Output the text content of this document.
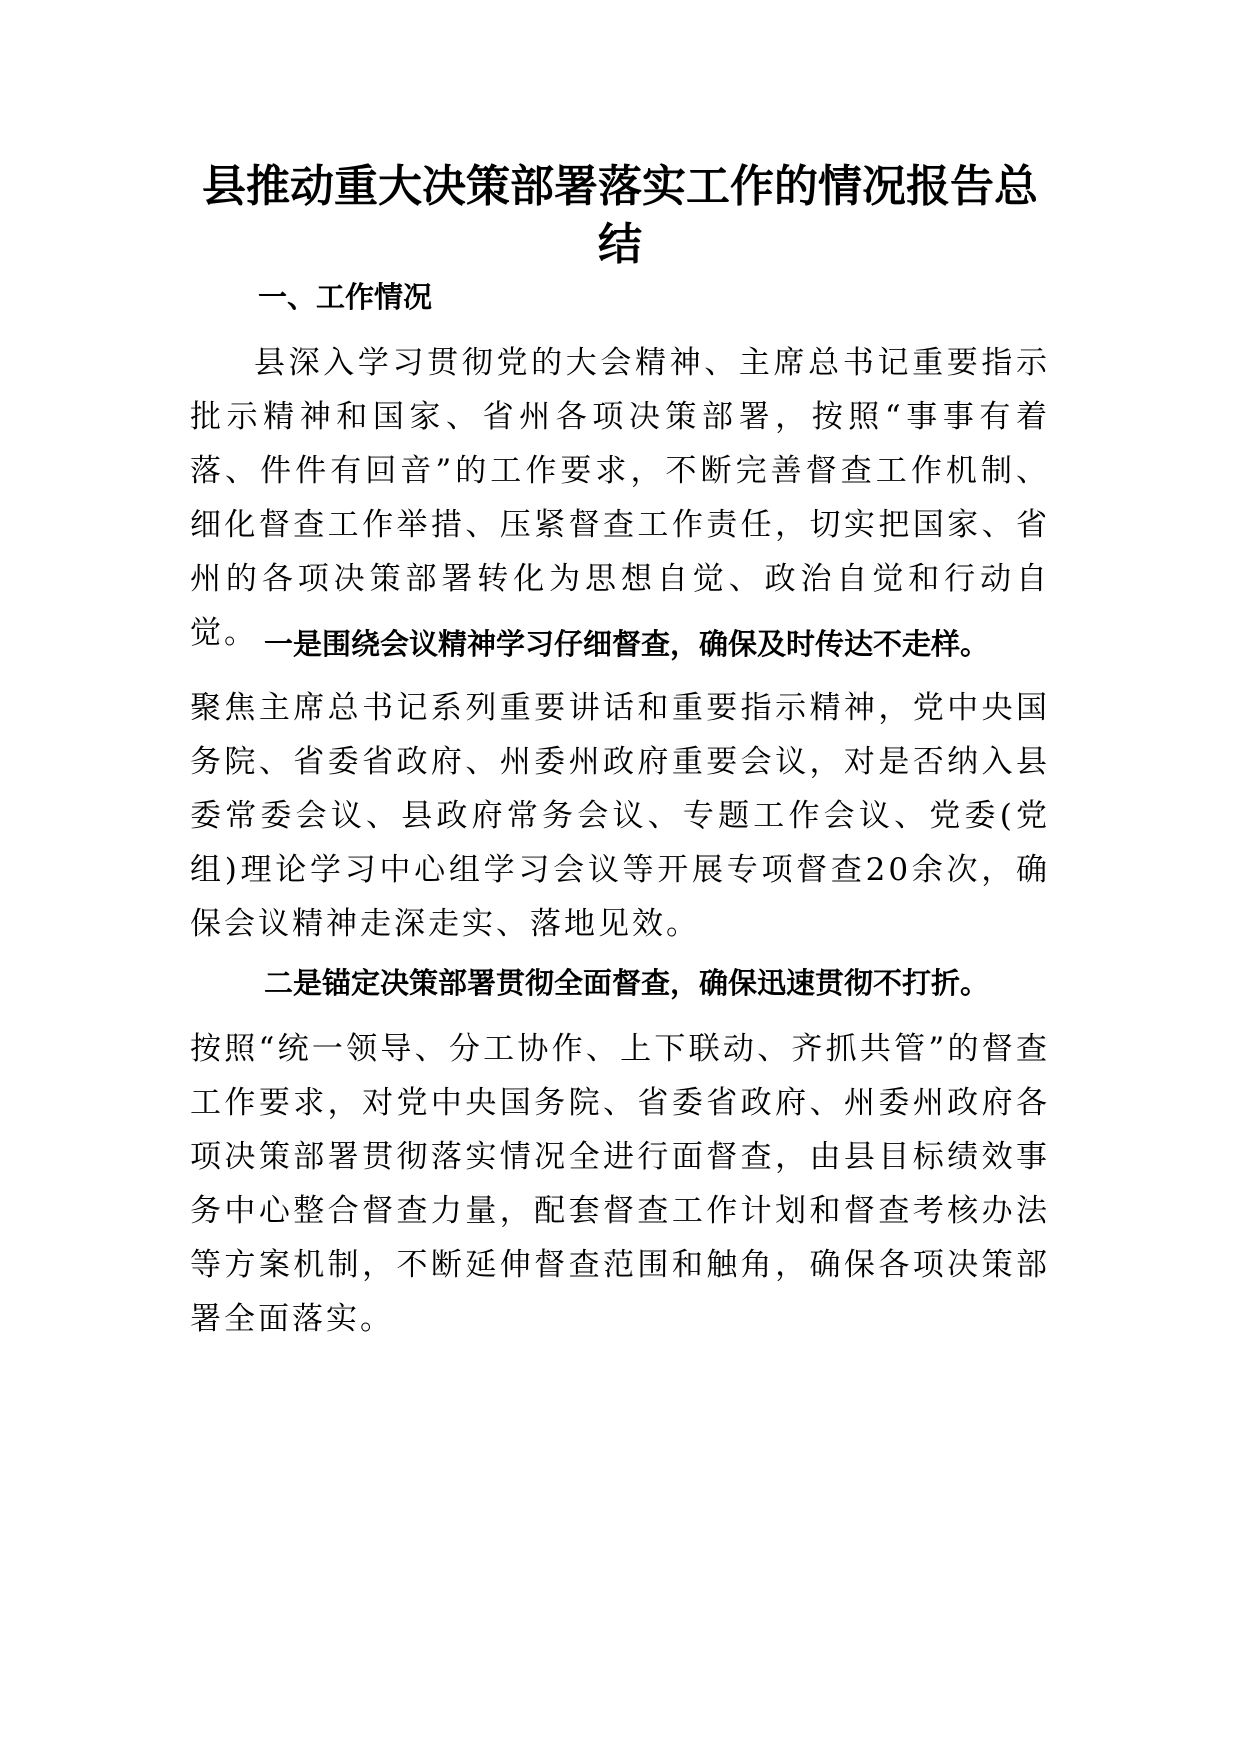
县推动重大决策部署落实工作的情况报告总结
一、工作情况

县深入学习贯彻党的大会精神、主席总书记重要指示批示精神和国家、省州各项决策部署，按照“事事有着落、件件有回音”的工作要求，不断完善督查工作机制、细化督查工作举措、压紧督查工作责任，切实把国家、省州的各项决策部署转化为思想自觉、政治自觉和行动自觉。 一是围绕会议精神学习仔细督查，确保及时传达不走样。

聚焦主席总书记系列重要讲话和重要指示精神，党中央国务院、省委省政府、州委州政府重要会议，对是否纳入县委常委会议、县政府常务会议、专题工作会议、党委(党组)理论学习中心组学习会议等开展专项督查20余次，确保会议精神走深走实、落地见效。

二是锚定决策部署贯彻全面督查，确保迅速贯彻不打折。

按照“统一领导、分工协作、上下联动、齐抓共管”的督查工作要求，对党中央国务院、省委省政府、州委州政府各项决策部署贯彻落实情况全进行面督查，由县目标绩效事务中心整合督查力量，配套督查工作计划和督查考核办法等方案机制，不断延伸督查范围和触角，确保各项决策部署全面落实。
